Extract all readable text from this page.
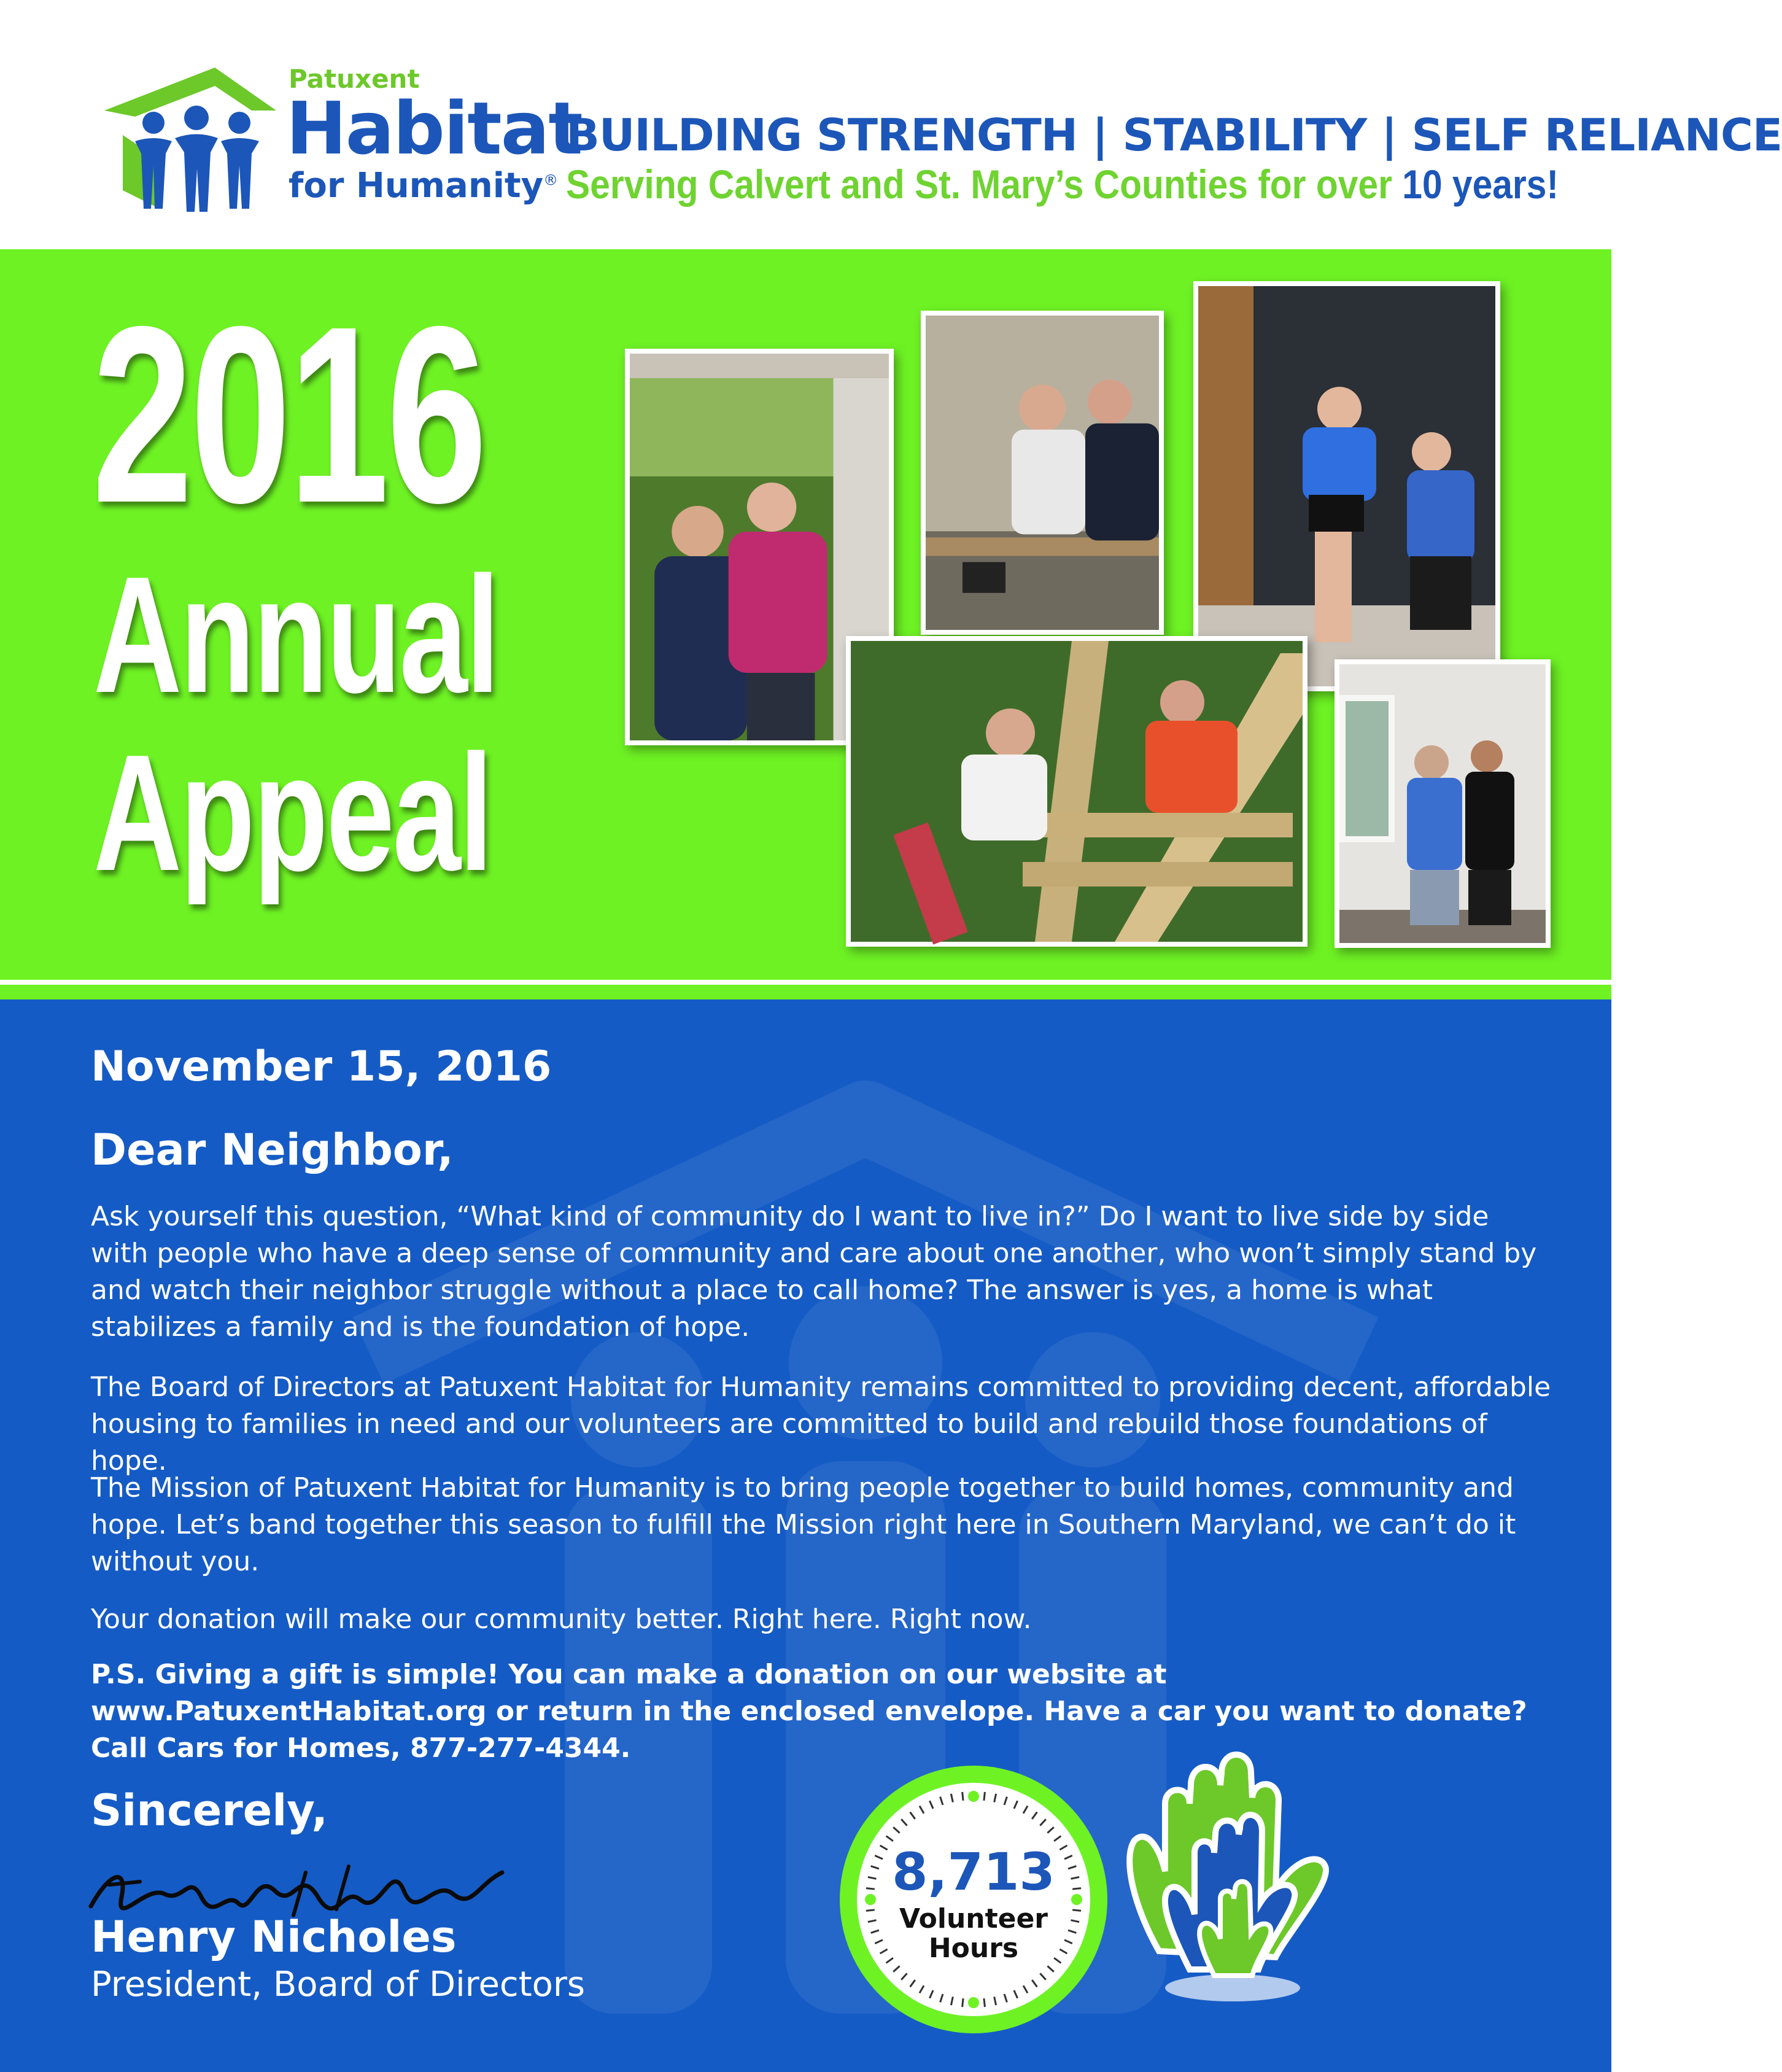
Patuxent
Habitat
for Humanity®
BUILDING STRENGTH | STABILITY | SELF RELIANCE
Serving Calvert and St. Mary’s Counties for over 10 years!
2016
Annual
Appeal
November 15, 2016
Dear Neighbor,
Ask yourself this question, “What kind of community do I want to live in?” Do I want to live side by side with people who have a deep sense of community and care about one another, who won’t simply stand by and watch their neighbor struggle without a place to call home? The answer is yes, a home is what stabilizes a family and is the foundation of hope.
The Board of Directors at Patuxent Habitat for Humanity remains committed to providing decent, affordable housing to families in need and our volunteers are committed to build and rebuild those foundations of hope.
The Mission of Patuxent Habitat for Humanity is to bring people together to build homes, community and hope. Let’s band together this season to fulfill the Mission right here in Southern Maryland, we can’t do it without you.
Your donation will make our community better. Right here. Right now.
P.S. Giving a gift is simple! You can make a donation on our website at www.PatuxentHabitat.org or return in the enclosed envelope. Have a car you want to donate? Call Cars for Homes, 877-277-4344.
Sincerely,
Henry Nicholes
President, Board of Directors
8,713
Volunteer
Hours
